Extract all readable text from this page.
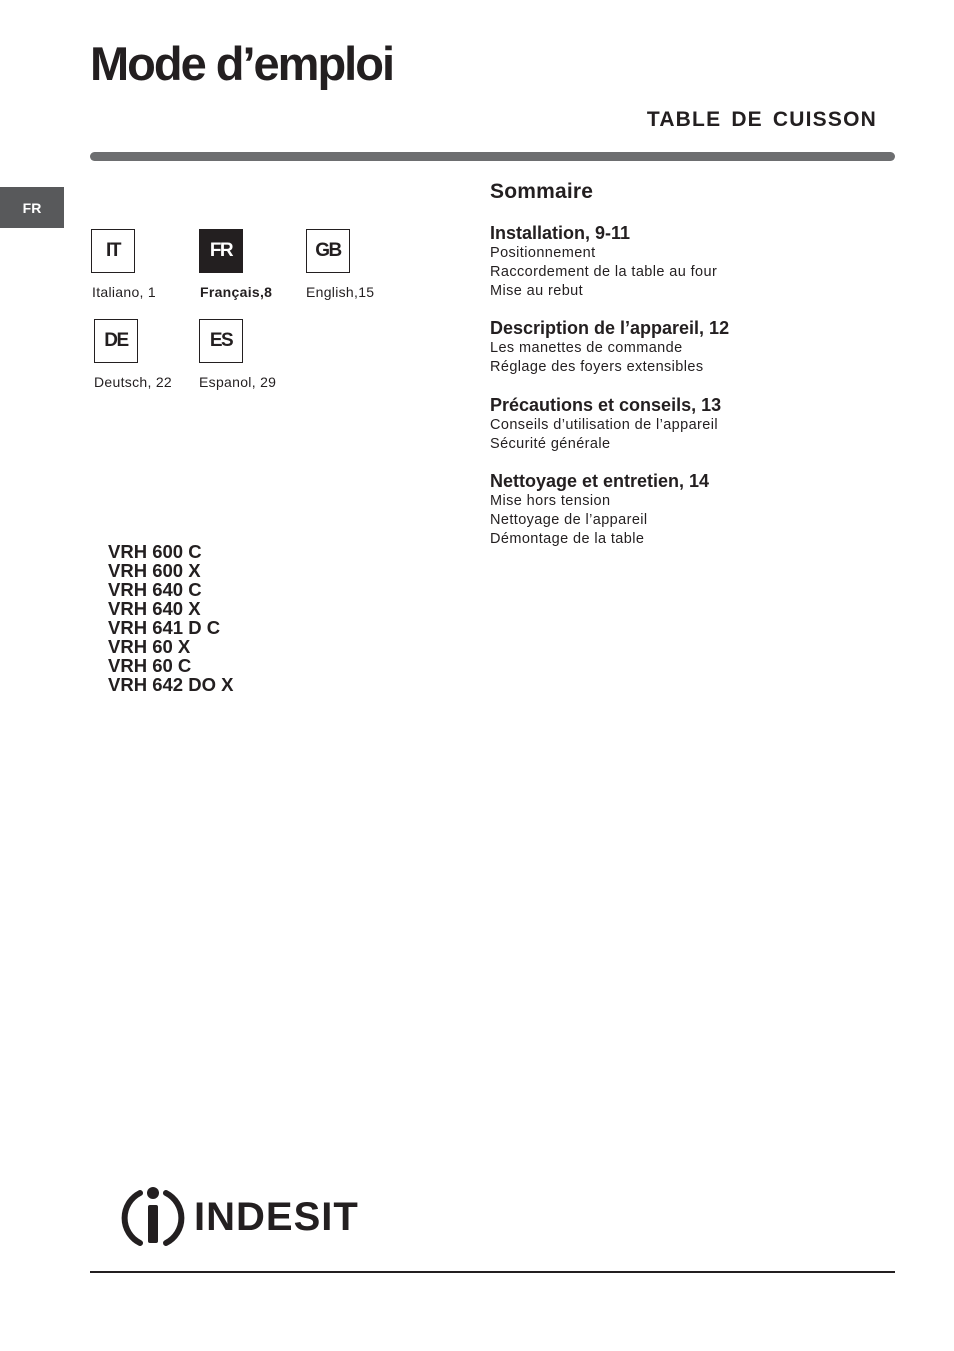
Mode d’emploi
TABLE DE CUISSON
FR
IT
Italiano, 1
FR
Français,8
GB
English,15
DE
Deutsch, 22
ES
Espanol, 29
Sommaire
Installation, 9-11
Positionnement
Raccordement de la table au four
Mise au rebut
Description de l’appareil, 12
Les manettes de commande
Réglage des foyers extensibles
Précautions et conseils, 13
Conseils d’utilisation de l’appareil
Sécurité générale
Nettoyage et entretien, 14
Mise hors tension
Nettoyage de l’appareil
Démontage de la table
VRH 600 C
VRH 600 X
VRH 640 C
VRH 640 X
VRH 641 D C
VRH 60 X
VRH 60 C
VRH 642 DO X
INDESIT
